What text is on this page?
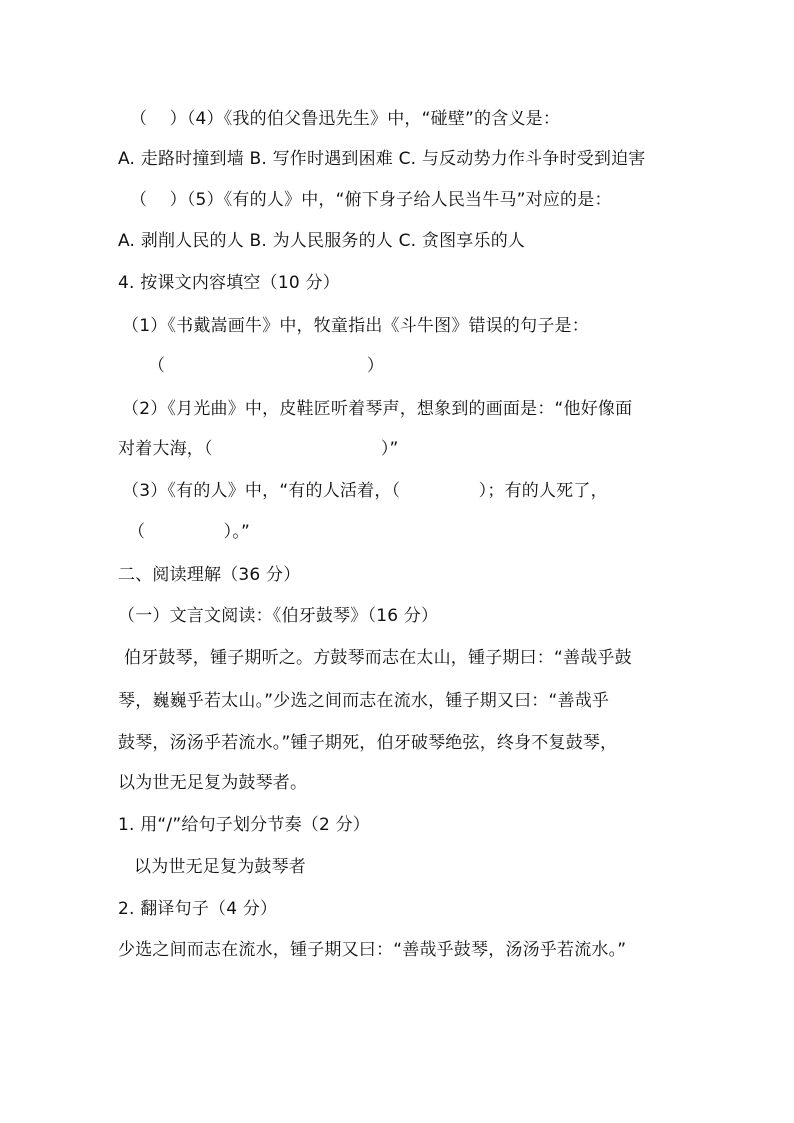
（    ）（4）《我的伯父鲁迅先生》中，“碰壁”的含义是：
A. 走路时撞到墙 B. 写作时遇到困难 C. 与反动势力作斗争时受到迫害
（    ）（5）《有的人》中，“俯下身子给人民当牛马”对应的是：
A. 剥削人民的人 B. 为人民服务的人 C. 贪图享乐的人
4. 按课文内容填空（10 分）
（1）《书戴嵩画牛》中，牧童指出《斗牛图》错误的句子是：
（                                    ）
（2）《月光曲》中，皮鞋匠听着琴声，想象到的画面是：“他好像面
对着大海，（                              ）”
（3）《有的人》中，“有的人活着，（              ）；有的人死了，
（              ）。”
二、阅读理解（36 分）
（一）文言文阅读：《伯牙鼓琴》（16 分）
伯牙鼓琴，锺子期听之。方鼓琴而志在太山，锺子期曰：“善哉乎鼓
琴，巍巍乎若太山。”少选之间而志在流水，锺子期又曰：“善哉乎
鼓琴，汤汤乎若流水。”锺子期死，伯牙破琴绝弦，终身不复鼓琴，
以为世无足复为鼓琴者。
1. 用“/”给句子划分节奏（2 分）
以为世无足复为鼓琴者
2. 翻译句子（4 分）
少选之间而志在流水，锺子期又曰：“善哉乎鼓琴，汤汤乎若流水。”
